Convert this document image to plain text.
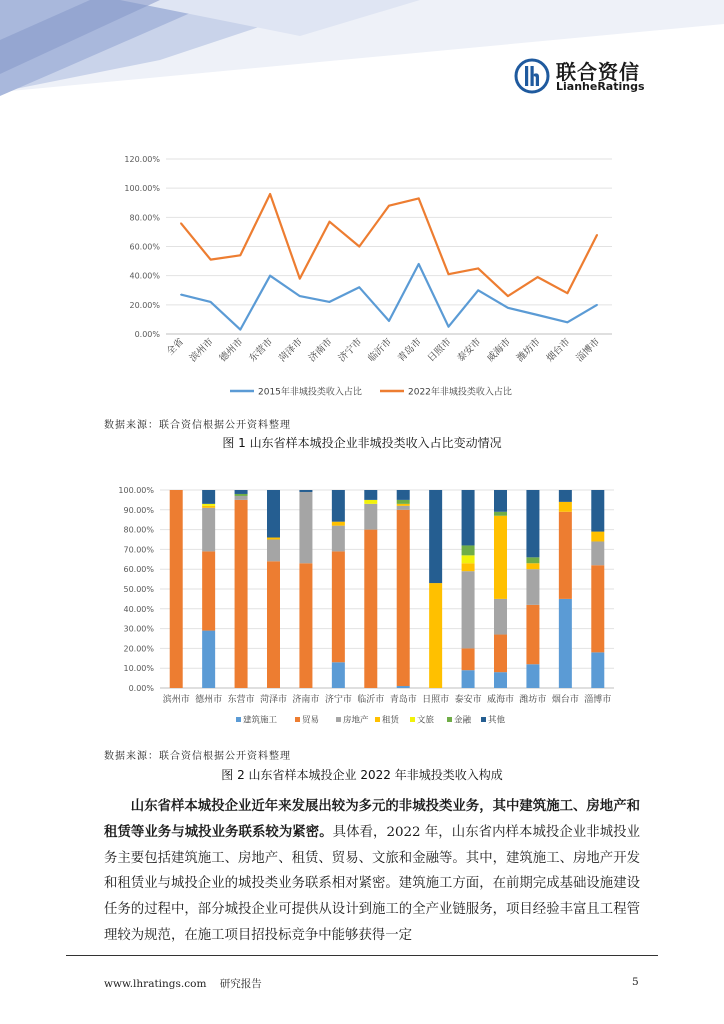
联合资信
LianheRatings
0.00%
20.00%
40.00%
60.00%
80.00%
100.00%
120.00%
全省 滨州市 德州市 东营市 菏泽市 济南市 济宁市 临沂市 青岛市 日照市 泰安市 威海市 潍坊市 烟台市 淄博市
2015年非城投类收入占比	2022年非城投类收入占比
数据来源：联合资信根据公开资料整理
图 1 山东省样本城投企业非城投类收入占比变动情况
0.00%
10.00%
20.00%
30.00%
40.00%
50.00%
60.00%
70.00%
80.00%
90.00%
100.00%
滨州市 德州市 东营市 菏泽市 济南市 济宁市 临沂市 青岛市 日照市 泰安市 威海市 潍坊市 烟台市 淄博市
建筑施工	贸易	房地产 租赁 文旅 金融 其他
数据来源：联合资信根据公开资料整理
图 2 山东省样本城投企业 2022 年非城投类收入构成
山东省样本城投企业近年来发展出较为多元的非城投类业务，其中建筑施工、房地产和租赁等业务与城投业务联系较为紧密。具体看，2022 年，山东省内样本城投企业非城投业务主要包括建筑施工、房地产、租赁、贸易、文旅和金融等。其中，建筑施工、房地产开发和租赁业与城投企业的城投类业务联系相对紧密。建筑施工方面，在前期完成基础设施建设任务的过程中，部分城投企业可提供从设计到施工的全产业链服务，项目经验丰富且工程管理较为规范，在施工项目招投标竞争中能够获得一定
www.lhratings.com    研究报告	5
